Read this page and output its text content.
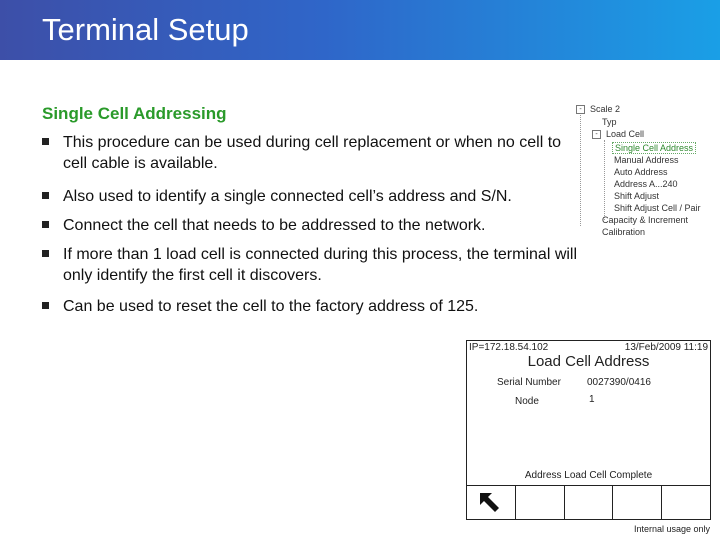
Terminal Setup
Single Cell Addressing
This procedure can be used during cell replacement or when no cell to cell cable is available.
Also used to identify a single connected cell’s address and S/N.
Connect the cell that needs to be addressed to the network.
If more than 1 load cell is connected during this process, the terminal will only identify the first cell it discovers.
Can be used to reset the cell to the factory address of 125.
- Scale 2
Typ
- Load Cell
Single Cell Address
Manual Address
Auto Address
Address A...240
Shift Adjust
Shift Adjust Cell / Pair
Capacity & Increment
Calibration
IP=172.18.54.102	13/Feb/2009 11:19
Load Cell Address
Serial Number	0027390/0416
Node	1
Address Load Cell Complete
Internal usage only
